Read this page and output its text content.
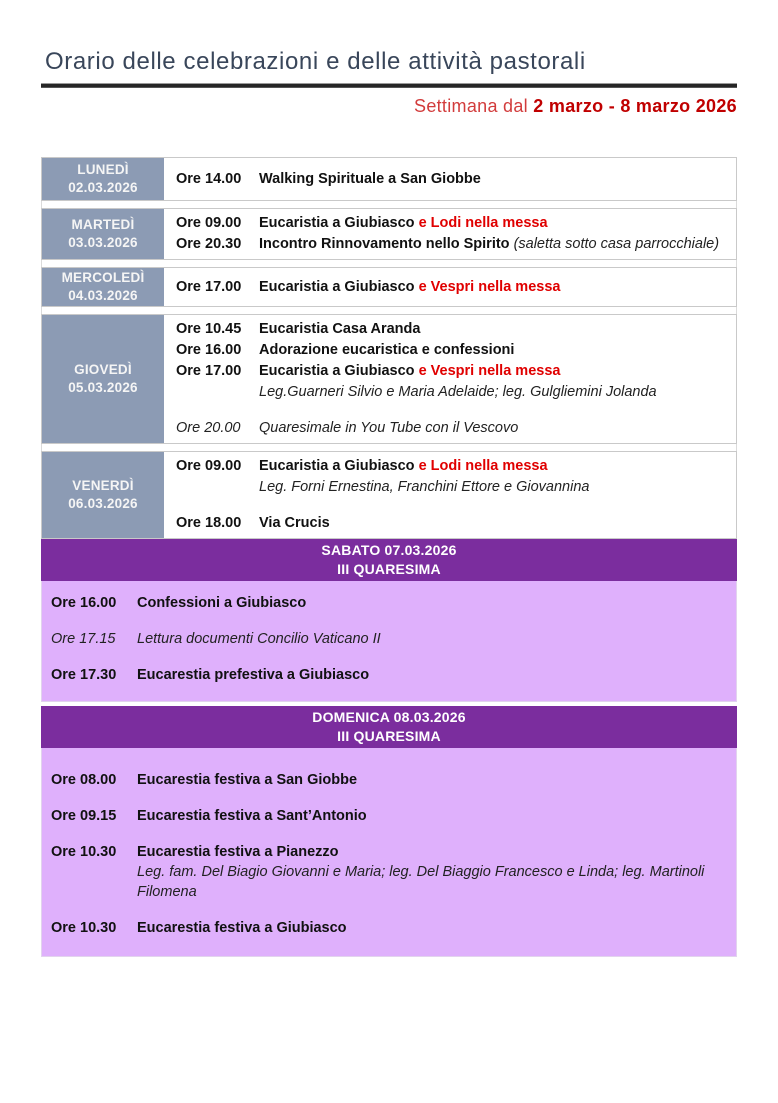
Orario delle celebrazioni e delle attività pastorali
Settimana dal 2 marzo - 8 marzo 2026
LUNEDÌ
02.03.2026
Ore 14.00	Walking Spirituale a San Giobbe
MARTEDÌ
03.03.2026
Ore 09.00	Eucaristia a Giubiasco e Lodi nella messa
Ore 20.30	Incontro Rinnovamento nello Spirito (saletta sotto casa parrocchiale)
MERCOLEDÌ
04.03.2026
Ore 17.00	Eucaristia a Giubiasco e Vespri nella messa
GIOVEDÌ
05.03.2026
Ore 10.45	Eucaristia Casa Aranda
Ore 16.00	Adorazione eucaristica e confessioni
Ore 17.00	Eucaristia a Giubiasco e Vespri nella messa
Leg.Guarneri Silvio e Maria Adelaide; leg. Gulgliemini Jolanda
Ore 20.00	Quaresimale in You Tube con il Vescovo
VENERDÌ
06.03.2026
Ore 09.00	Eucaristia a Giubiasco e Lodi nella messa
Leg. Forni Ernestina, Franchini Ettore e Giovannina
Ore 18.00	Via Crucis
SABATO 07.03.2026
III QUARESIMA
Ore 16.00	Confessioni a Giubiasco
Ore 17.15	Lettura documenti Concilio Vaticano II
Ore 17.30	Eucarestia prefestiva a Giubiasco
DOMENICA 08.03.2026
III QUARESIMA
Ore 08.00	Eucarestia festiva a San Giobbe
Ore 09.15	Eucarestia festiva a Sant’Antonio
Ore 10.30	Eucarestia festiva a Pianezzo
Leg. fam. Del Biagio Giovanni e Maria; leg. Del Biaggio Francesco e Linda; leg. Martinoli Filomena
Ore 10.30	Eucarestia festiva a Giubiasco
